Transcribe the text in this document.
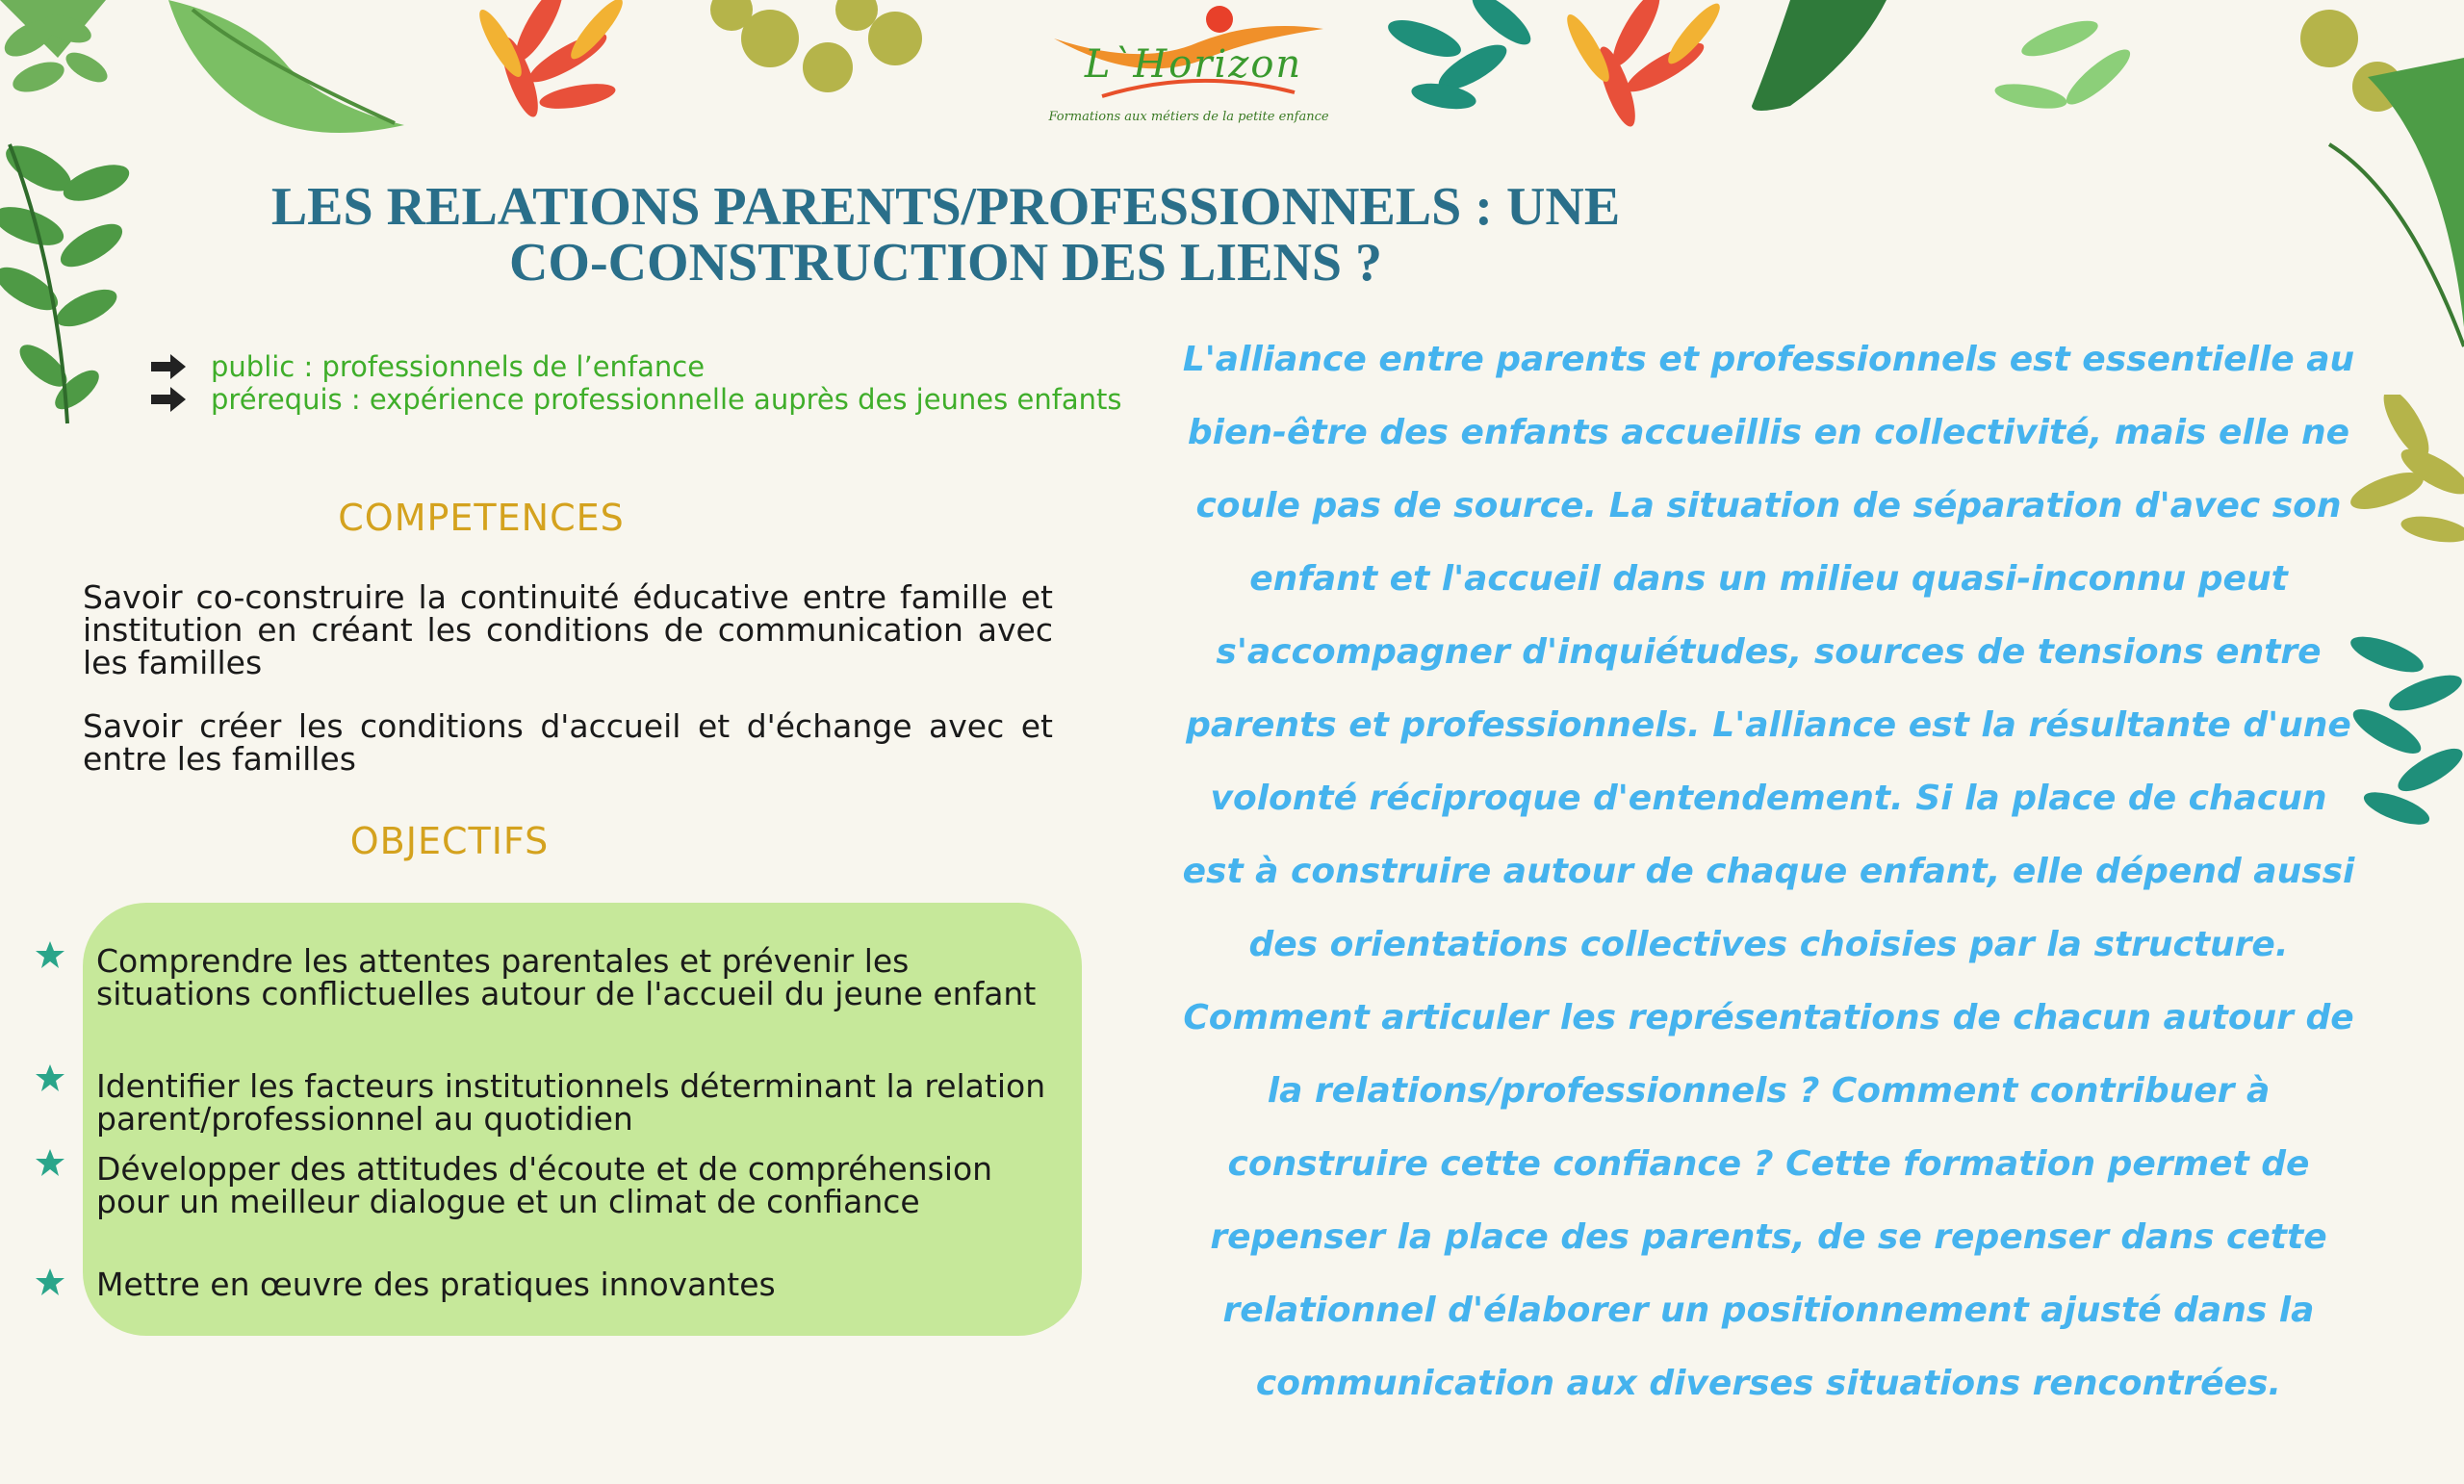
L`Horizon
Formations aux métiers de la petite enfance
LES RELATIONS PARENTS/PROFESSIONNELS : UNE CO-CONSTRUCTION DES LIENS ?
public : professionnels de l’enfance
prérequis : expérience professionnelle auprès des jeunes enfants
COMPETENCES

Savoir co-construire la continuité éducative entre famille et institution en créant les conditions de communication avec les familles

Savoir créer les conditions d'accueil et d'échange avec et entre les familles

OBJECTIFS
Comprendre les attentes parentales et prévenir les situations conflictuelles autour de l'accueil du jeune enfant
Identifier les facteurs institutionnels déterminant la relation parent/professionnel au quotidien
Développer des attitudes d'écoute et de compréhension pour un meilleur dialogue et un climat de confiance
Mettre en œuvre des pratiques innovantes

L'alliance entre parents et professionnels est essentielle au bien-être des enfants accueillis en collectivité, mais elle ne coule pas de source. La situation de séparation d'avec son enfant et l'accueil dans un milieu quasi-inconnu peut s'accompagner d'inquiétudes, sources de tensions entre parents et professionnels. L'alliance est la résultante d'une volonté réciproque d'entendement. Si la place de chacun est à construire autour de chaque enfant, elle dépend aussi des orientations collectives choisies par la structure. Comment articuler les représentations de chacun autour de la relations/professionnels ? Comment contribuer à construire cette confiance ? Cette formation permet de repenser la place des parents, de se repenser dans cette relationnel d'élaborer un positionnement ajusté dans la communication aux diverses situations rencontrées.
